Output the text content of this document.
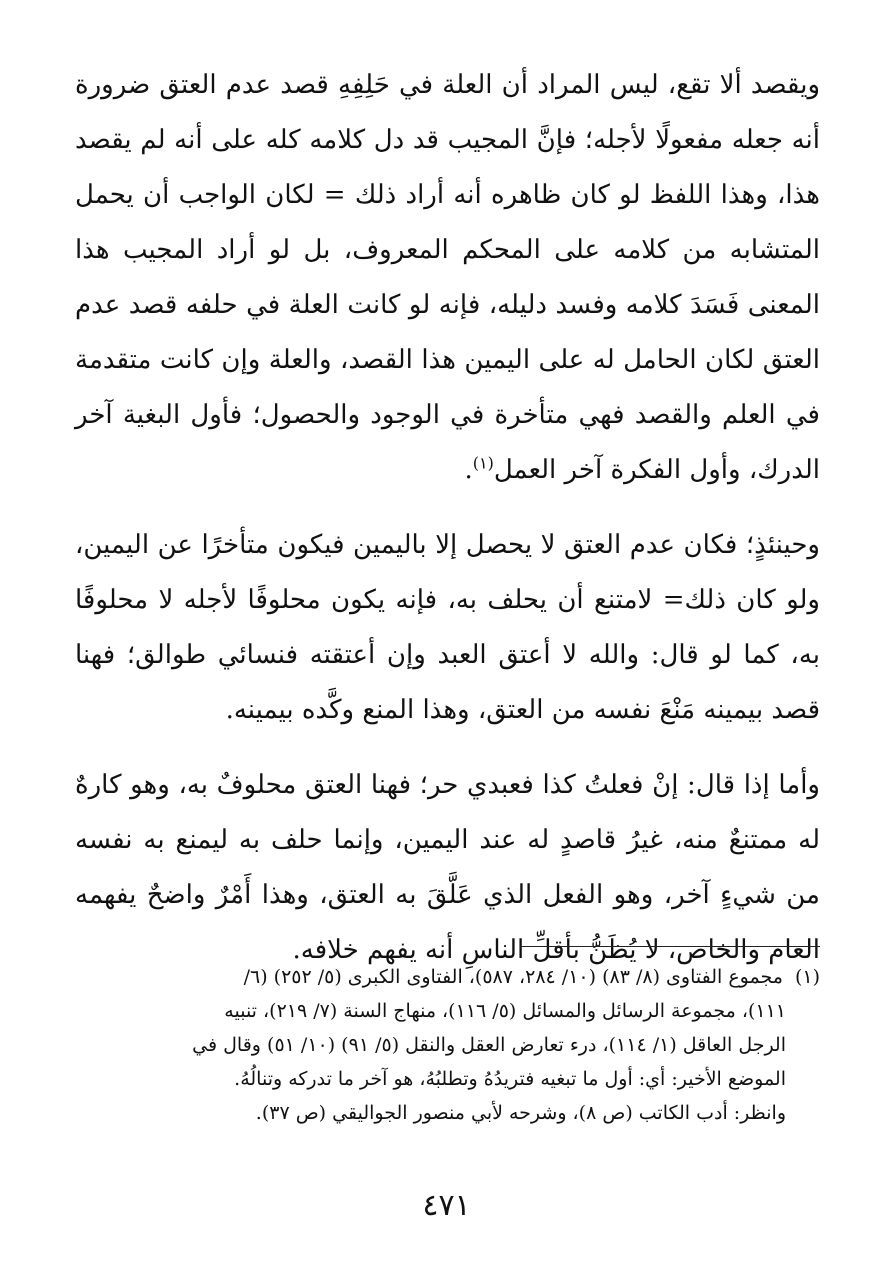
ويقصد ألا تقع، ليس المراد أن العلة في حَلِفِهِ قصد عدم العتق ضرورة أنه جعله مفعولًا لأجله؛ فإنَّ المجيب قد دل كلامه كله على أنه لم يقصد هذا، وهذا اللفظ لو كان ظاهره أنه أراد ذلك = لكان الواجب أن يحمل المتشابه من كلامه على المحكم المعروف، بل لو أراد المجيب هذا المعنى فَسَدَ كلامه وفسد دليله، فإنه لو كانت العلة في حلفه قصد عدم العتق لكان الحامل له على اليمين هذا القصد، والعلة وإن كانت متقدمة في العلم والقصد فهي متأخرة في الوجود والحصول؛ فأول البغية آخر الدرك، وأول الفكرة آخر العمل$^{(١)}$.

وحينئذٍ؛ فكان عدم العتق لا يحصل إلا باليمين فيكون متأخرًا عن اليمين، ولو كان ذلك= لامتنع أن يحلف به، فإنه يكون محلوفًا لأجله لا محلوفًا به، كما لو قال: والله لا أعتق العبد وإن أعتقته فنسائي طوالق؛ فهنا قصد بيمينه مَنْعَ نفسه من العتق، وهذا المنع وكَّده بيمينه.

وأما إذا قال: إنْ فعلتُ كذا فعبدي حر؛ فهنا العتق محلوفٌ به، وهو كارهٌ له ممتنعٌ منه، غيرُ قاصدٍ له عند اليمين، وإنما حلف به ليمنع به نفسه من شيءٍ آخر، وهو الفعل الذي عَلَّقَ به العتق، وهذا أَمْرٌ واضحٌ يفهمه العام والخاص، لا يُظَنُّ بأقلِّ الناسِ أنه يفهم خلافه.

(١)مجموع الفتاوى (٨/ ٨٣) (١٠/ ٢٨٤، ٥٨٧)، الفتاوى الكبرى (٥/ ٢٥٢) (٦/

١١١)، مجموعة الرسائل والمسائل (٥/ ١١٦)، منهاج السنة (٧/ ٢١٩)، تنبيه

الرجل العاقل (١/ ١١٤)، درء تعارض العقل والنقل (٥/ ٩١) (١٠/ ٥١) وقال في

الموضع الأخير: أي: أول ما تبغيه فتريدُهُ وتطلبُهُ، هو آخر ما تدركه وتنالُهُ.

وانظر: أدب الكاتب (ص ٨)، وشرحه لأبي منصور الجواليقي (ص ٣٧).

٤٧١
